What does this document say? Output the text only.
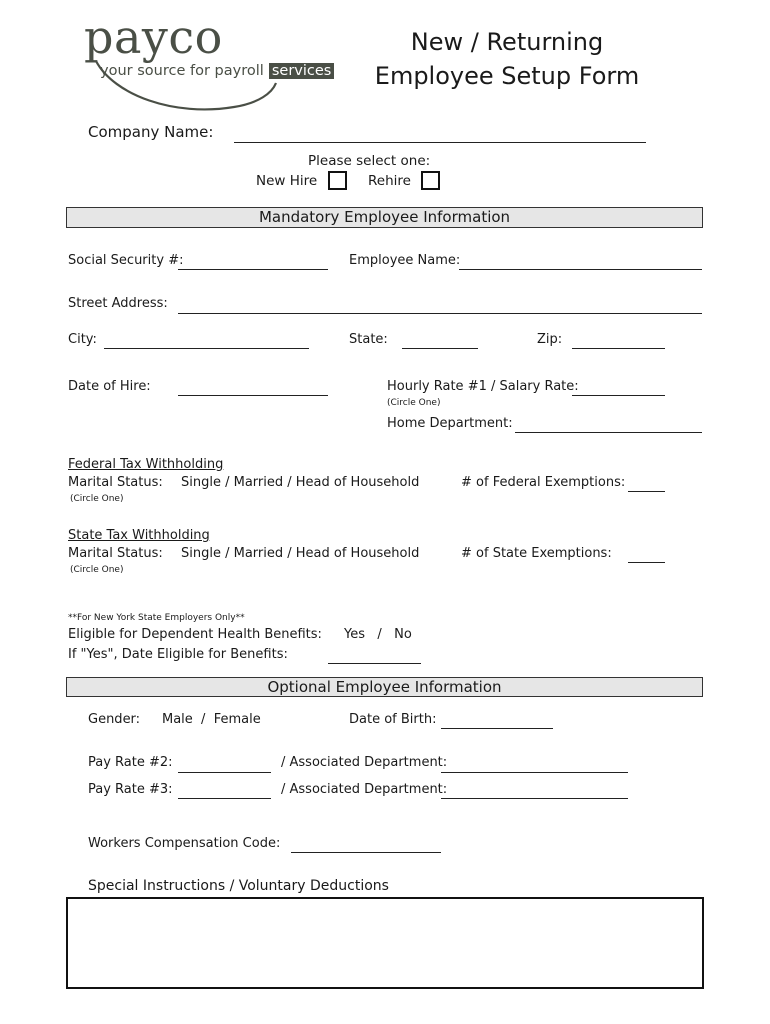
payco
your source for payroll services
New / Returning
Employee Setup Form
Company Name:
Please select one:
New Hire	Rehire
Mandatory Employee Information
Social Security #:	Employee Name:
Street Address:
City:	State:	Zip:
Date of Hire:	Hourly Rate #1 / Salary Rate:
(Circle One)
Home Department:
Federal Tax Withholding
Marital Status: Single / Married / Head of Household	# of Federal Exemptions:
(Circle One)
State Tax Withholding
Marital Status: Single / Married / Head of Household	# of State Exemptions:
(Circle One)
**For New York State Employers Only**
Eligible for Dependent Health Benefits: Yes   /   No
If "Yes", Date Eligible for Benefits:
Optional Employee Information
Gender: Male  /  Female	Date of Birth:
Pay Rate #2:	/ Associated Department:
Pay Rate #3:	/ Associated Department:
Workers Compensation Code:
Special Instructions / Voluntary Deductions
